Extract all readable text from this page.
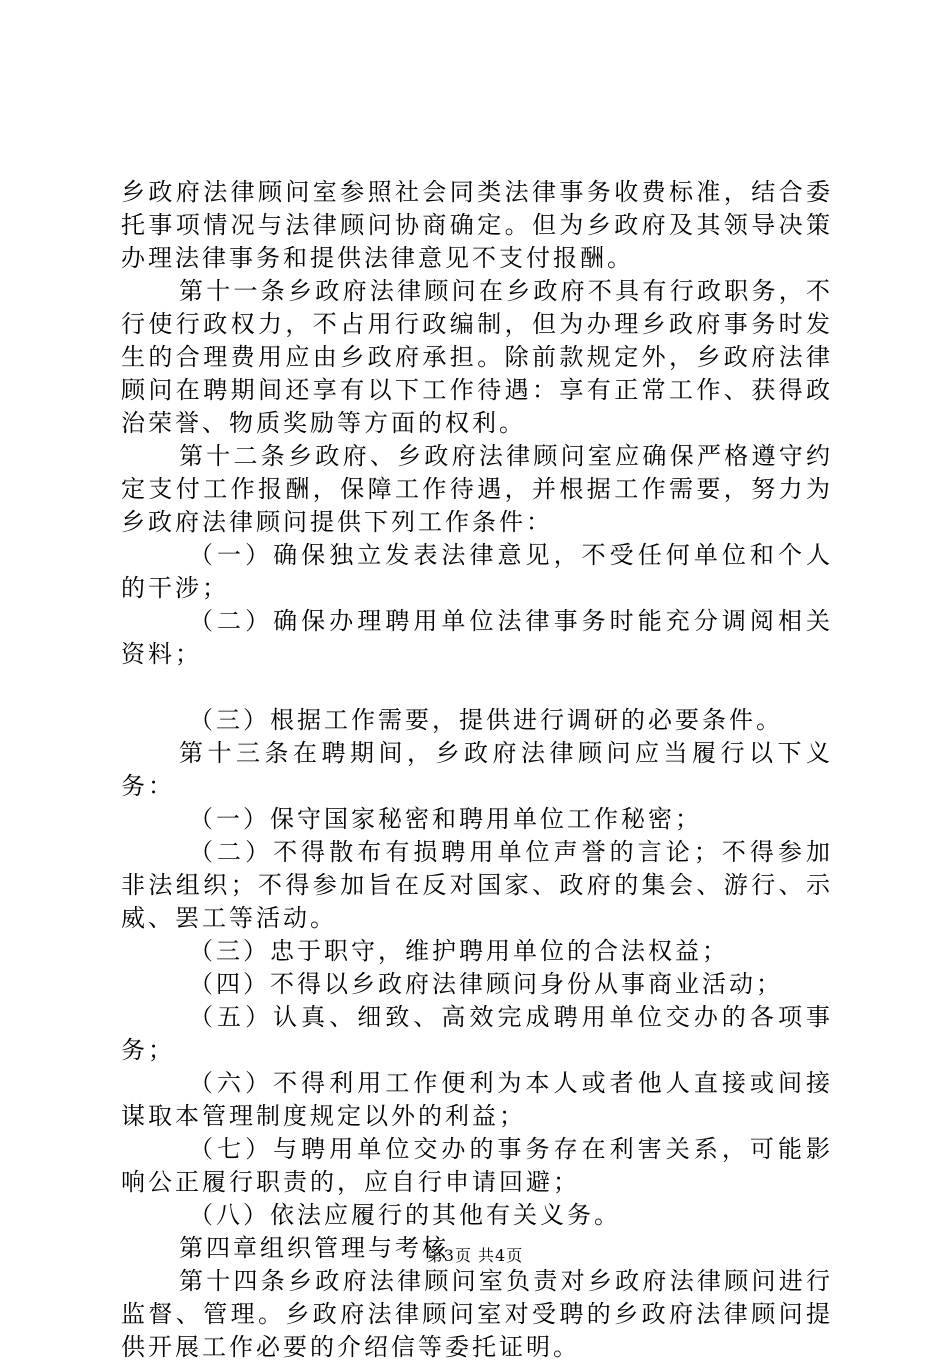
乡政府法律顾问室参照社会同类法律事务收费标准，结合委托事项情况与法律顾问协商确定。但为乡政府及其领导决策办理法律事务和提供法律意见不支付报酬。

第十一条乡政府法律顾问在乡政府不具有行政职务，不行使行政权力，不占用行政编制，但为办理乡政府事务时发生的合理费用应由乡政府承担。除前款规定外，乡政府法律顾问在聘期间还享有以下工作待遇：享有正常工作、获得政治荣誉、物质奖励等方面的权利。

第十二条乡政府、乡政府法律顾问室应确保严格遵守约定支付工作报酬，保障工作待遇，并根据工作需要，努力为乡政府法律顾问提供下列工作条件：

（一）确保独立发表法律意见，不受任何单位和个人的干涉；

（二）确保办理聘用单位法律事务时能充分调阅相关资料；

（三）根据工作需要，提供进行调研的必要条件。

第十三条在聘期间，乡政府法律顾问应当履行以下义务：

（一）保守国家秘密和聘用单位工作秘密；

（二）不得散布有损聘用单位声誉的言论；不得参加非法组织；不得参加旨在反对国家、政府的集会、游行、示威、罢工等活动。

（三）忠于职守，维护聘用单位的合法权益；

（四）不得以乡政府法律顾问身份从事商业活动；

（五）认真、细致、高效完成聘用单位交办的各项事务；

（六）不得利用工作便利为本人或者他人直接或间接谋取本管理制度规定以外的利益；

（七）与聘用单位交办的事务存在利害关系，可能影响公正履行职责的，应自行申请回避；

（八）依法应履行的其他有关义务。

第四章组织管理与考核

第十四条乡政府法律顾问室负责对乡政府法律顾问进行监督、管理。乡政府法律顾问室对受聘的乡政府法律顾问提供开展工作必要的介绍信等委托证明。

第3页 共4页
